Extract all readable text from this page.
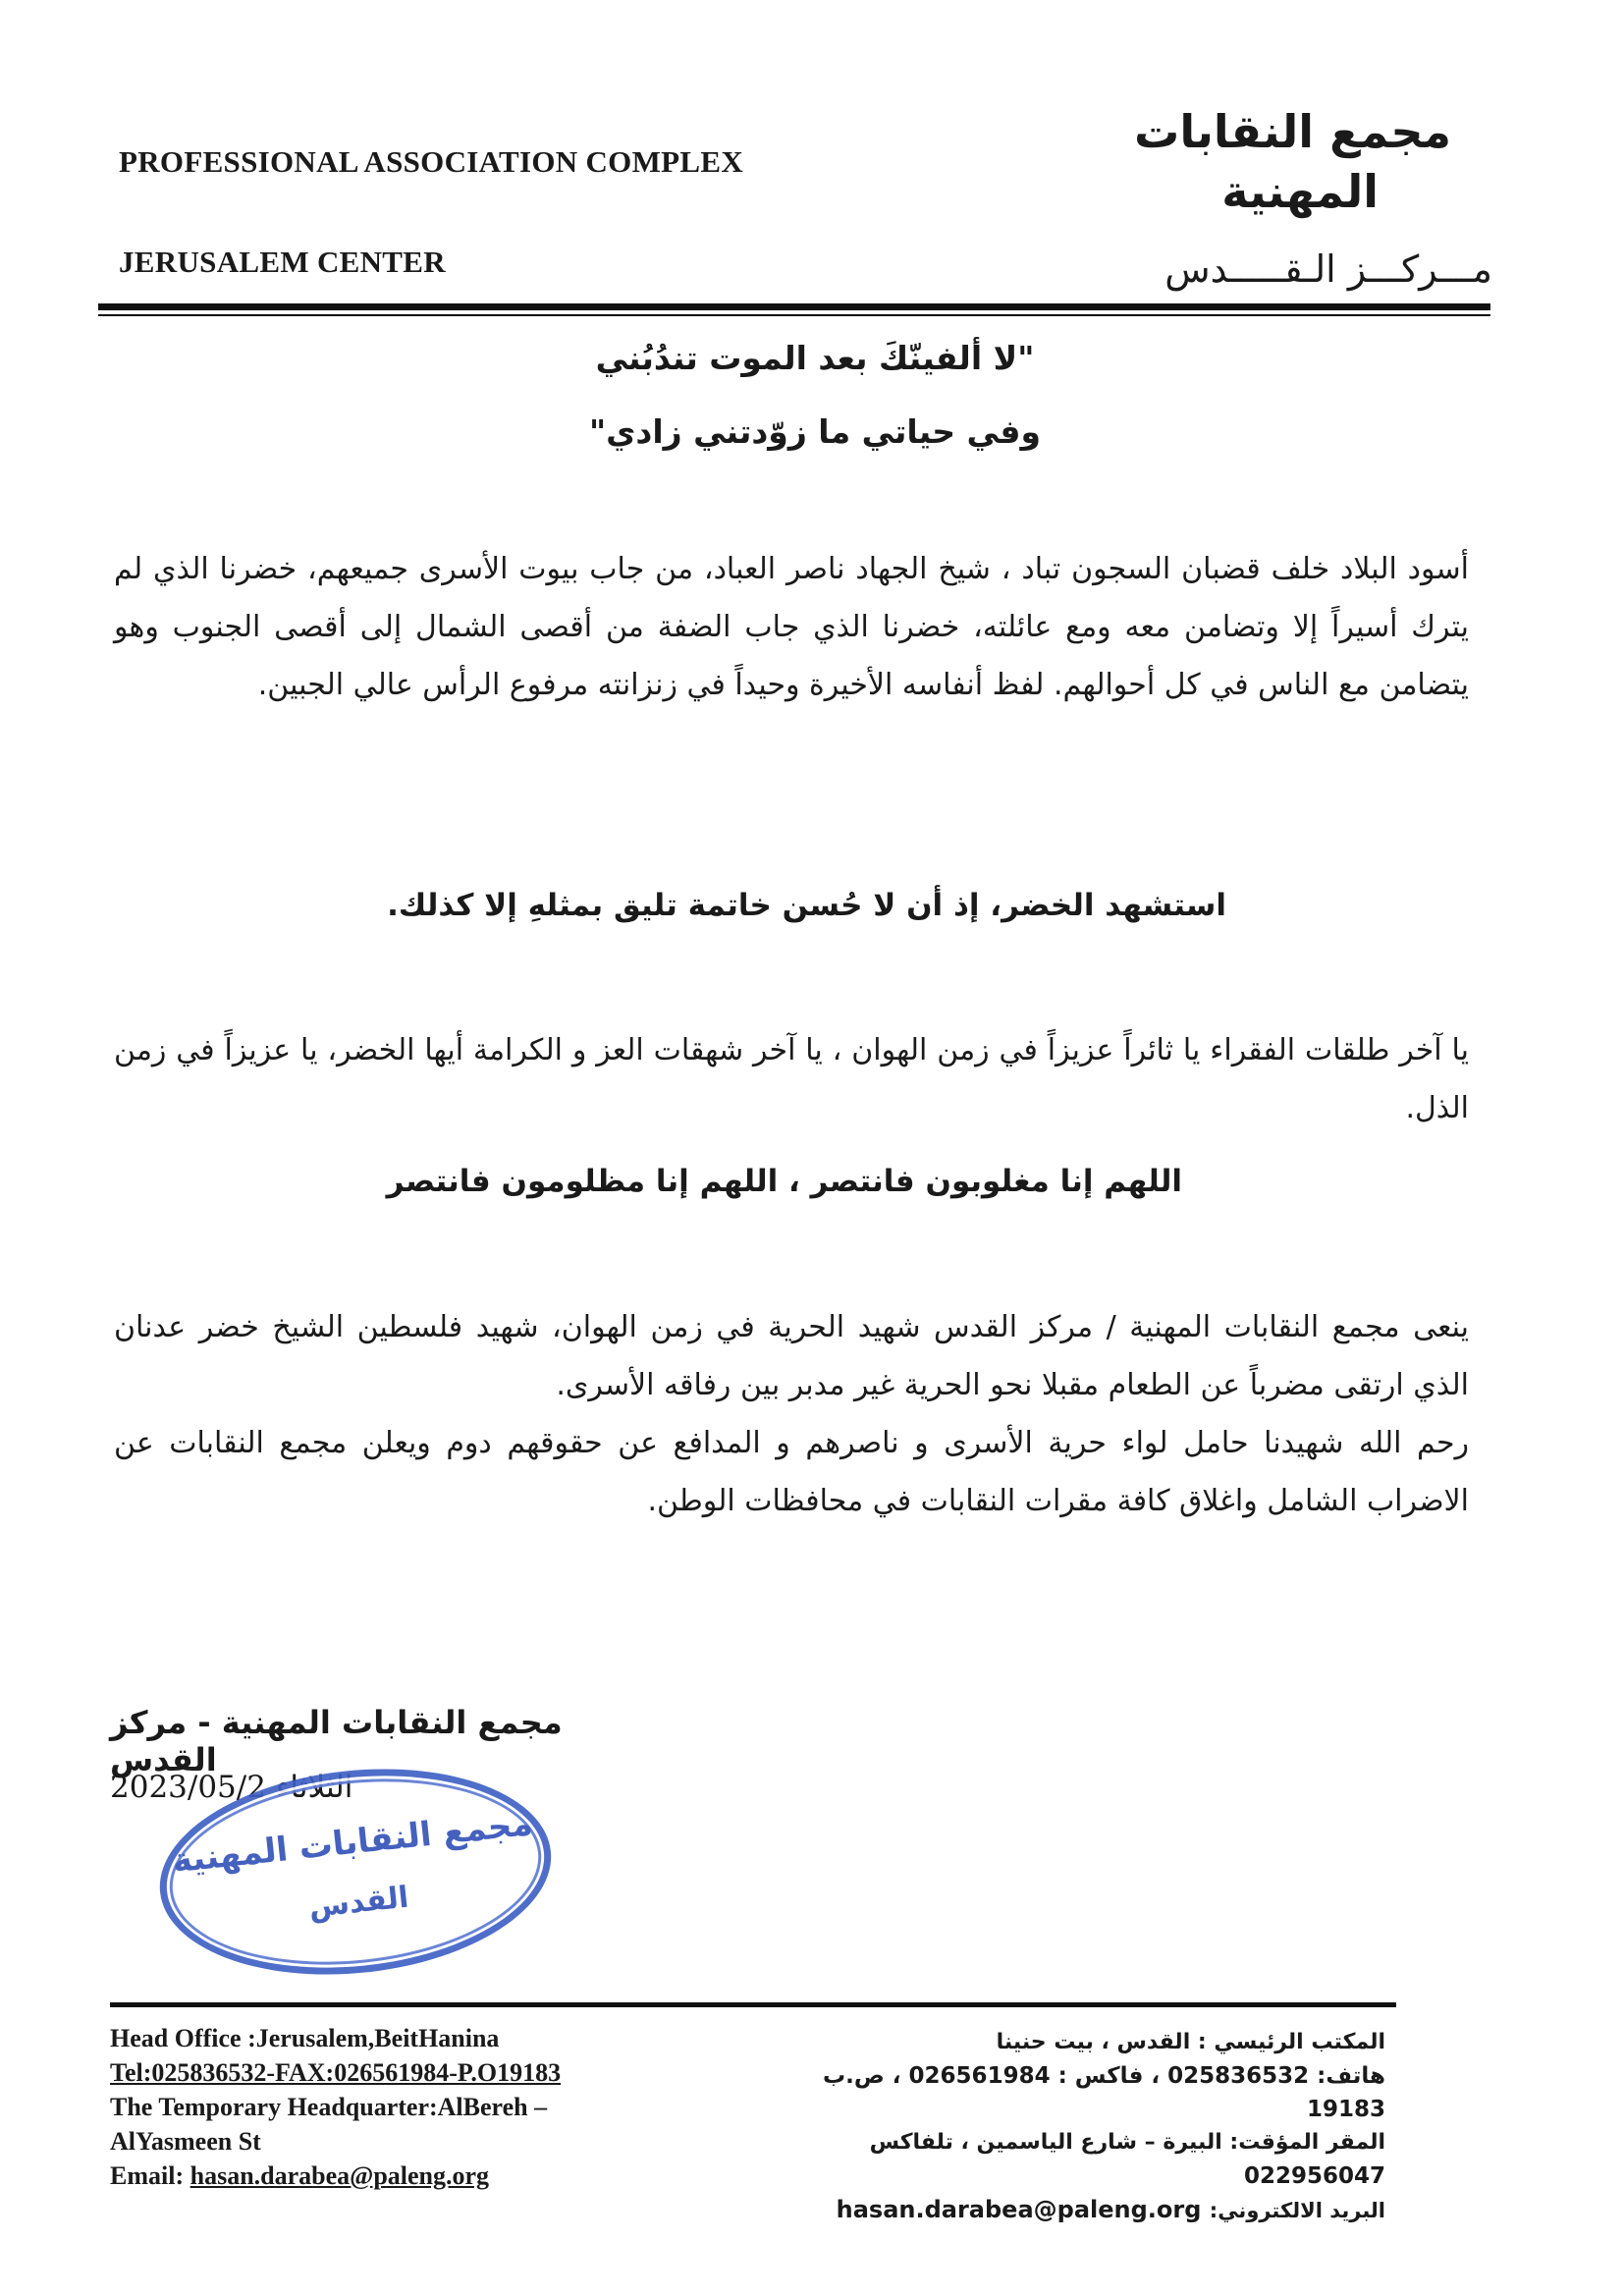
PROFESSIONAL ASSOCIATION COMPLEX
JERUSALEM CENTER
مجمع النقابات
المهنية
مـــركـــز الـقـــــدس
"لا ألفينّكَ بعد الموت تندُبُني
وفي حياتي ما زوّدتني زادي"
أسود البلاد خلف قضبان السجون تباد ، شيخ الجهاد ناصر العباد، من جاب بيوت الأسرى جميعهم، خضرنا الذي لم يترك أسيراً إلا وتضامن معه ومع عائلته، خضرنا الذي جاب الضفة من أقصى الشمال إلى أقصى الجنوب وهو يتضامن مع الناس في كل أحوالهم. لفظ أنفاسه الأخيرة وحيداً في زنزانته مرفوع الرأس عالي الجبين.
استشهد الخضر، إذ أن لا حُسن خاتمة تليق بمثلهِ إلا كذلك.
يا آخر طلقات الفقراء يا ثائراً عزيزاً في زمن الهوان ، يا آخر شهقات العز و الكرامة أيها الخضر، يا عزيزاً في زمن الذل.
اللهم إنا مغلوبون فانتصر ، اللهم إنا مظلومون فانتصر
ينعى مجمع النقابات المهنية / مركز القدس شهيد الحرية في زمن الهوان، شهيد فلسطين الشيخ خضر عدنان الذي ارتقى مضرباً عن الطعام مقبلا نحو الحرية غير مدبر بين رفاقه الأسرى.
رحم الله شهيدنا حامل لواء حرية الأسرى و ناصرهم و المدافع عن حقوقهم دوم ويعلن مجمع النقابات عن الاضراب الشامل واغلاق كافة مقرات النقابات في محافظات الوطن.
مجمع النقابات المهنية - مركز القدس
الثلاثاء 2023/05/2
مجمع النقابات المهنية
القدس
Head Office :Jerusalem,BeitHanina
Tel:025836532-FAX:026561984-P.O19183
The Temporary Headquarter:AlBereh –
AlYasmeen St
Email: hasan.darabea@paleng.org
المكتب الرئيسي : القدس ، بيت حنينا
هاتف: 025836532 ، فاكس : 026561984 ، ص.ب
19183
المقر المؤقت: البيرة – شارع الياسمين ، تلفاكس
022956047
hasan.darabea@paleng.org :البريد الالكتروني
